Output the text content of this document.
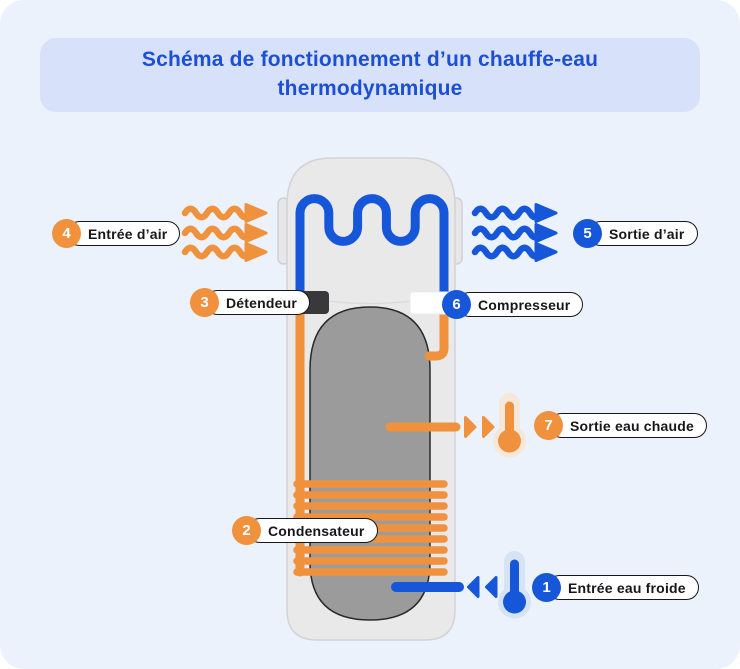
Schéma de fonctionnement d’un chauffe-eau thermodynamique
4	Entrée d’air	5	Sortie d’air
3	Détendeur	6	Compresseur
2	Condensateur
7	Sortie eau chaude
1	Entrée eau froide
